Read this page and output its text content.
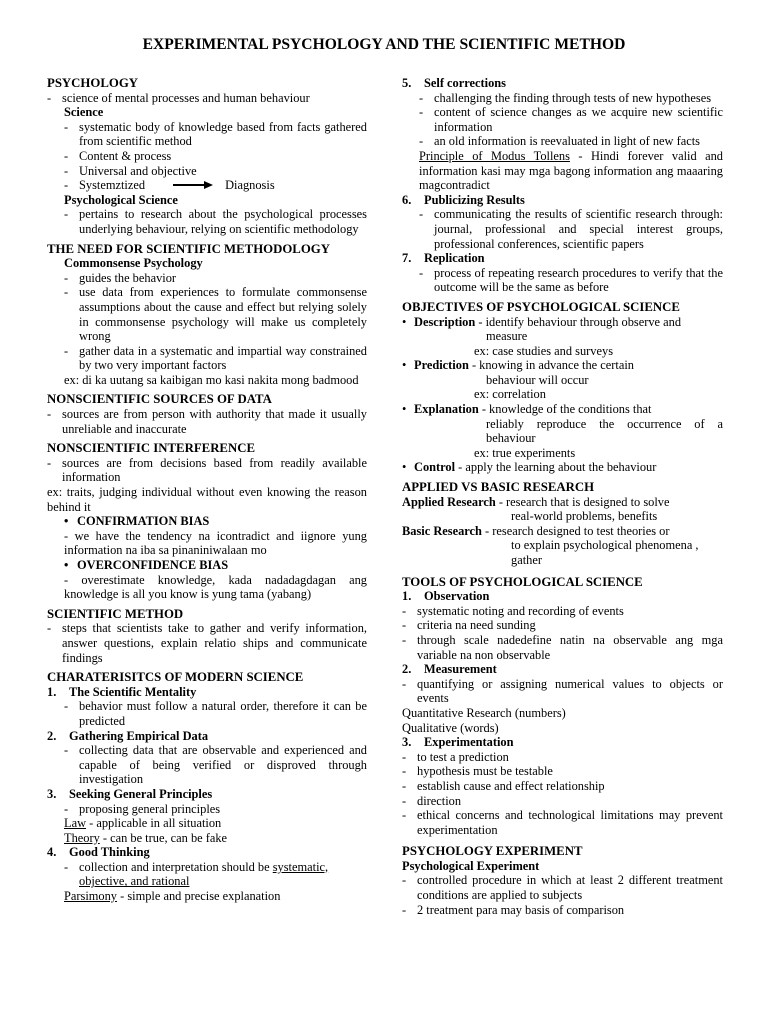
EXPERIMENTAL PSYCHOLOGY AND THE SCIENTIFIC METHOD
PSYCHOLOGY
- science of mental processes and human behaviour
Science
- systematic body of knowledge based from facts gathered from scientific method
- Content & process
- Universal and objective
- Systemztized	Diagnosis
Psychological Science
- pertains to research about the psychological processes underlying behaviour, relying on scientific methodology
THE NEED FOR SCIENTIFIC METHODOLOGY
Commonsense Psychology
- guides the behavior
- use data from experiences to formulate commonsense assumptions about the cause and effect but relying solely in commonsense psychology will make us completely wrong
- gather data in a systematic and impartial way constrained by two very important factors
ex: di ka uutang sa kaibigan mo kasi nakita mong badmood
NONSCIENTIFIC SOURCES OF DATA
- sources are from person with authority that made it usually unreliable and inaccurate
NONSCIENTIFIC INTERFERENCE
- sources are from decisions based from readily available information
ex: traits, judging individual without even knowing the reason behind it
• CONFIRMATION BIAS
- we have the tendency na icontradict and iignore yung information na iba sa pinaniniwalaan mo
• OVERCONFIDENCE BIAS
- overestimate knowledge, kada nadadagdagan ang knowledge is all you know is yung tama (yabang)
SCIENTIFIC METHOD
- steps that scientists take to gather and verify information, answer questions, explain relatio ships and communicate findings
CHARATERISITCS OF MODERN SCIENCE
1.	The Scientific Mentality
- behavior must follow a natural order, therefore it can be predicted
2.	Gathering Empirical Data
- collecting data that are observable and experienced and capable of being verified or disproved through investigation
3.	Seeking General Principles
- proposing general principles
Law - applicable in all situation
Theory - can be true, can be fake
4.	Good Thinking
- collection and interpretation should be systematic, objective, and rational
Parsimony - simple and precise explanation
5.	Self corrections
- challenging the finding through tests of new hypotheses
- content of science changes as we acquire new scientific information
- an old information is reevaluated in light of new facts
Principle of Modus Tollens - Hindi forever valid and information kasi may mga bagong information ang maaaring magcontradict
6.	Publicizing Results
- communicating the results of scientific research through: journal, professional and special interest groups, professional conferences, scientific papers
7.	Replication
- process of repeating research procedures to verify that the outcome will be the same as before
OBJECTIVES OF PSYCHOLOGICAL SCIENCE
• Description - identify behaviour through observe and
measure
ex: case studies and surveys
• Prediction - knowing in advance the certain
behaviour will occur
ex: correlation
• Explanation - knowledge of the conditions that
reliably reproduce the occurrence of a behaviour
ex: true experiments
• Control - apply the learning about the behaviour
APPLIED VS BASIC RESEARCH
Applied Research - research that is designed to solve
real-world problems, benefits
Basic Research - research designed to test theories or
to explain psychological phenomena , gather
TOOLS OF PSYCHOLOGICAL SCIENCE
1.	Observation
- systematic noting and recording of events
- criteria na need sunding
- through scale nadedefine natin na observable ang mga variable na non observable
2.	Measurement
- quantifying or assigning numerical values to objects or events
Quantitative Research (numbers)
Qualitative (words)
3.	Experimentation
- to test a prediction
- hypothesis must be testable
- establish cause and effect relationship
- direction
- ethical concerns and technological limitations may prevent experimentation
PSYCHOLOGY EXPERIMENT
Psychological Experiment
- controlled procedure in which at least 2 different treatment conditions are applied to subjects
- 2 treatment para may basis of comparison
